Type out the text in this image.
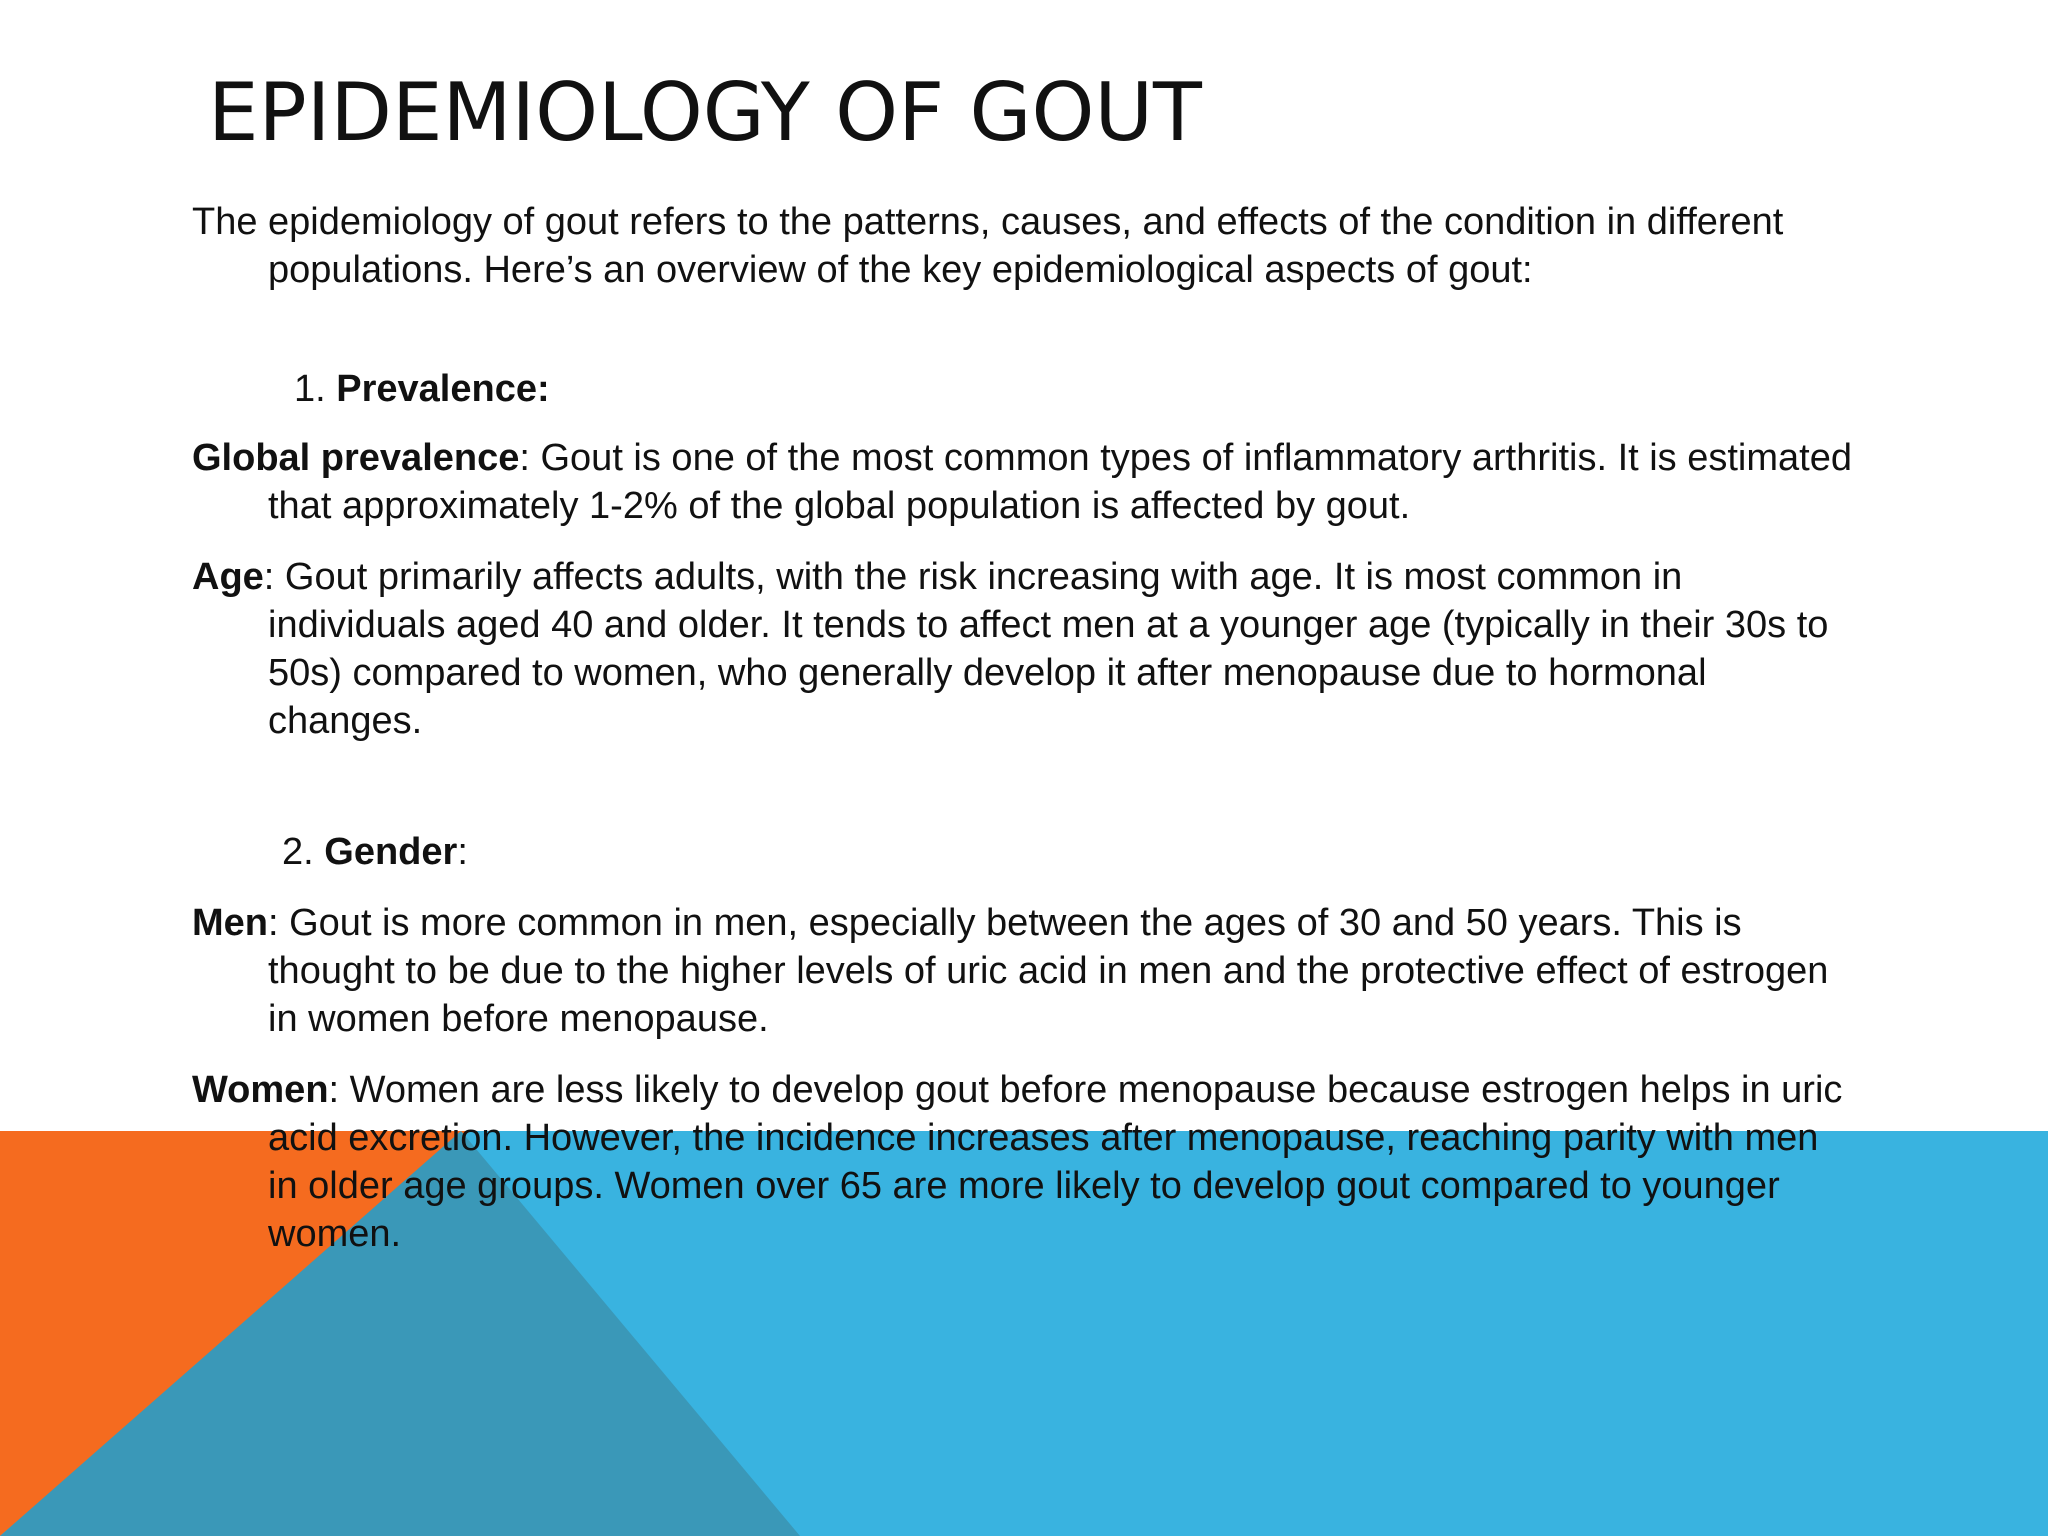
EPIDEMIOLOGY OF GOUT

The epidemiology of gout refers to the patterns, causes, and effects of the condition in different populations. Here’s an overview of the key epidemiological aspects of gout:

1. Prevalence:

Global prevalence: Gout is one of the most common types of inflammatory arthritis. It is estimated that approximately 1-2% of the global population is affected by gout.

Age: Gout primarily affects adults, with the risk increasing with age. It is most common in individuals aged 40 and older. It tends to affect men at a younger age (typically in their 30s to 50s) compared to women, who generally develop it after menopause due to hormonal changes.

2. Gender:

Men: Gout is more common in men, especially between the ages of 30 and 50 years. This is thought to be due to the higher levels of uric acid in men and the protective effect of estrogen in women before menopause.

Women: Women are less likely to develop gout before menopause because estrogen helps in uric acid excretion. However, the incidence increases after menopause, reaching parity with men in older age groups. Women over 65 are more likely to develop gout compared to younger women.
